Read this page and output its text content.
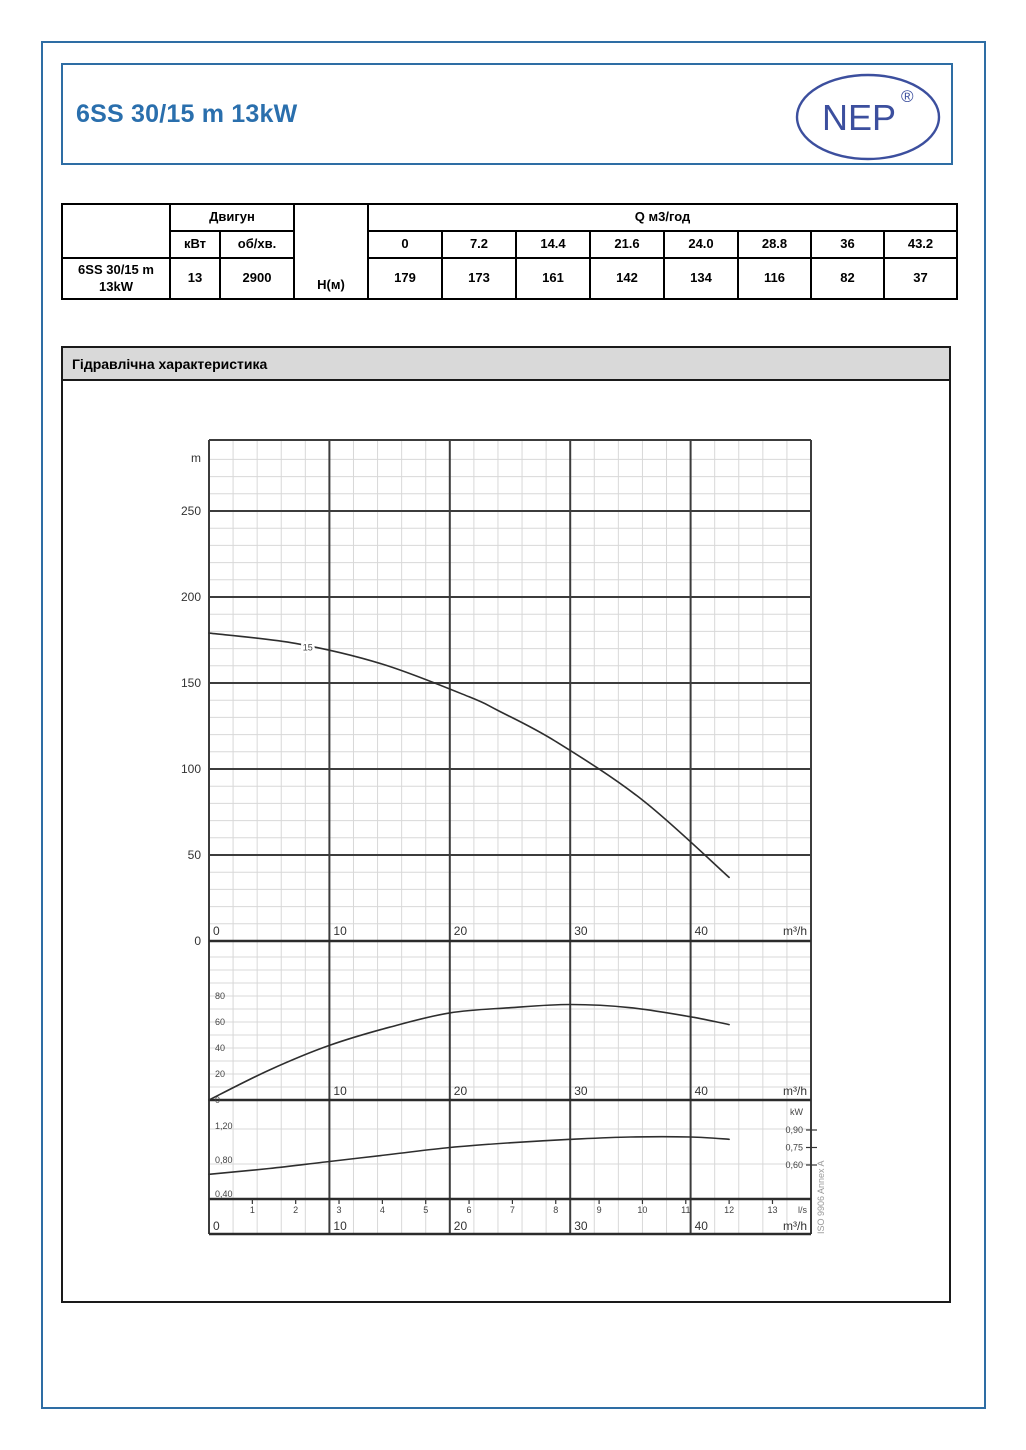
6SS 30/15 m 13kW	NEP
®
	Двигун		Н(м)	Q м3/год							
	кВт	об/хв.		0	7.2	14.4	21.6	24.0	28.8	36	43.2
6SS 30/15 m 13kW	13	2900		179	173	161	142	134	116	82	37
Гідравлічна характеристика
m
250
200
150
100
50
0
0	10	20	30	40	m³/h
80
60
40
20
0
10	20	30	40	m³/h
1,20
0,80
0,40
kW
0,90
0,75
0,60
1	2	3	4	5	6	7	8	9	10	11	12	13 l/s
0	10	20	30	40	m³/h ISO 9906 Annex A
15
